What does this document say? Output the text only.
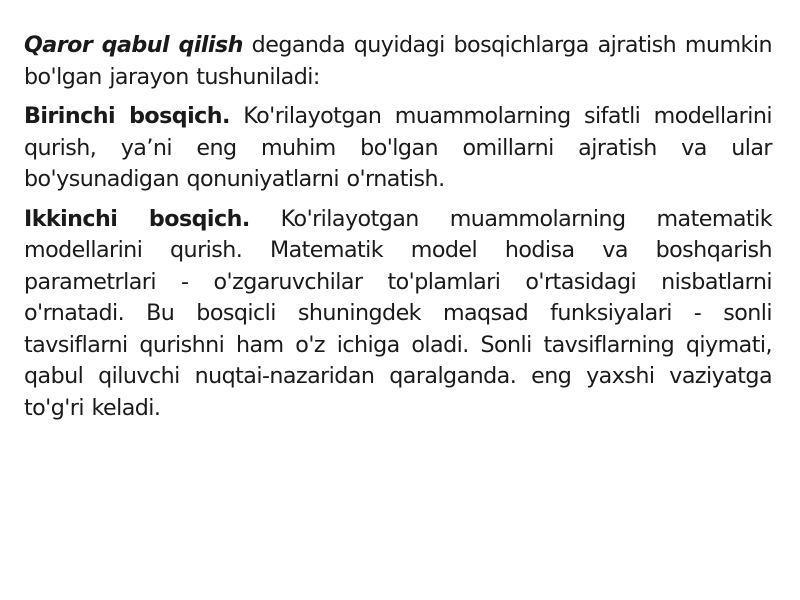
Qaror qabul qilish deganda quyidagi bosqichlarga ajratish mumkin bo'lgan jarayon tushuniladi:

Birinchi bosqich. Ko'rilayotgan muammolarning sifatli modellarini qurish, ya’ni eng muhim bo'lgan omillarni ajratish va ular bo'ysunadigan qonuniyatlarni o'rnatish.

Ikkinchi bosqich. Ko'rilayotgan muammolarning matematik modellarini qurish. Matematik model hodisa va boshqarish parametrlari - o'zgaruvchilar to'plamlari o'rtasidagi nisbatlarni o'rnatadi. Bu bosqicli shuningdek maqsad funksiyalari - sonli tavsiflarni qurishni ham o'z ichiga oladi. Sonli tavsiflarning qiymati, qabul qiluvchi nuqtai-nazaridan qaralganda. eng yaxshi vaziyatga to'g'ri keladi.
